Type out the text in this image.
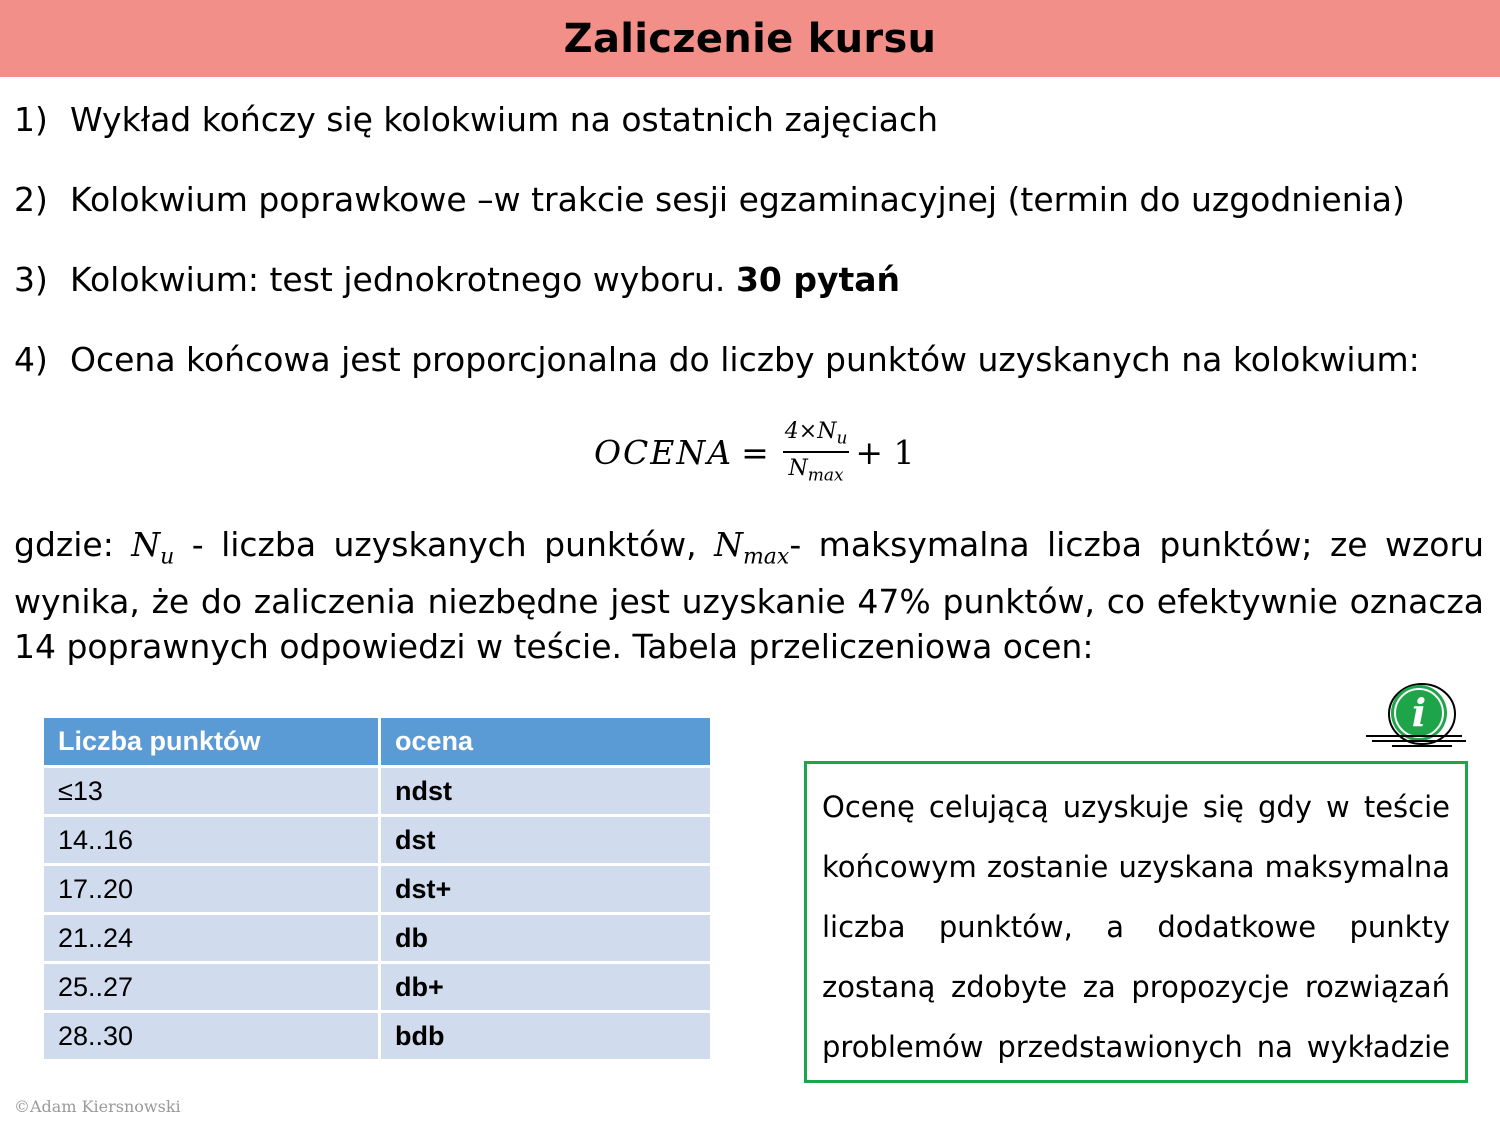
Zaliczenie kursu
1) Wykład kończy się kolokwium na ostatnich zajęciach
2) Kolokwium poprawkowe –w trakcie sesji egzaminacyjnej (termin do uzgodnienia)
3) Kolokwium: test jednokrotnego wyboru. 30 pytań
4) Ocena końcowa jest proporcjonalna do liczby punktów uzyskanych na kolokwium:
OCENA = $\frac{4\times N_u}{N_{max}} + 1$
gdzie: $N_u$ - liczba uzyskanych punktów, $N_{max}-$ maksymalna liczba punktów; ze wzoru wynika, że do zaliczenia niezbędne jest uzyskanie 47% punktów, co efektywnie oznacza 14 poprawnych odpowiedzi w teście. Tabela przeliczeniowa ocen:
Liczba punktów	ocena
≤13	ndst
14..16	dst
17..20	dst+
21..24	db
25..27	db+
28..30	bdb
i
Ocenę celującą uzyskuje się gdy w teście końcowym zostanie uzyskana maksymalna liczba punktów, a dodatkowe punkty zostaną zdobyte za propozycje rozwiązań problemów przedstawionych na wykładzie
©Adam Kiersnowski
